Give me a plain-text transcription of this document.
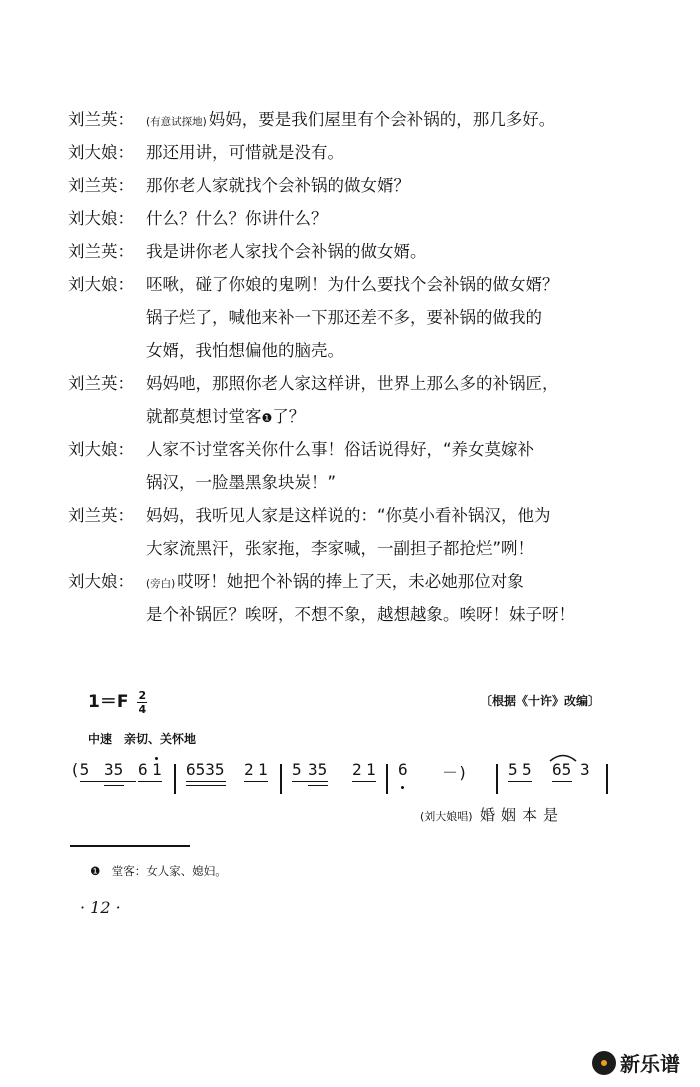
刘兰英：	(有意试探地) 妈妈，要是我们屋里有个会补锅的，那几多好。
刘大娘： 那还用讲，可惜就是没有。
刘兰英： 那你老人家就找个会补锅的做女婿？
刘大娘： 什么？什么？你讲什么？
刘兰英： 我是讲你老人家找个会补锅的做女婿。
刘大娘： 呸啾，碰了你娘的鬼咧！为什么要找个会补锅的做女婿？
锅子烂了，喊他来补一下那还差不多，要补锅的做我的
女婿，我怕想偏他的脑壳。
刘兰英： 妈妈吔，那照你老人家这样讲，世界上那么多的补锅匠，
就都莫想讨堂客❶了？
刘大娘： 人家不讨堂客关你什么事！俗话说得好，“养女莫嫁补
锅汉，一脸墨黑象块炭！”
刘兰英： 妈妈，我听见人家是这样说的：“你莫小看补锅汉，他为
大家流黑汗，张家拖，李家喊，一副担子都抢烂”咧！
刘大娘：	(旁白) 哎呀！她把个补锅的捧上了天，未必她那位对象
是个补锅匠？唉呀，不想不象，越想越象。唉呀！妹子呀！
$1=F \frac{2}{4}$	〔根据《十许》改编〕
中速　亲切、关怀地
(5 35 6 1 6535 2 1 5 35 2 1 6 －)	5 5 65 3
(刘大娘唱) 婚姻本是
❶　堂客：女人家、媳妇。
· 12 ·
新乐谱
